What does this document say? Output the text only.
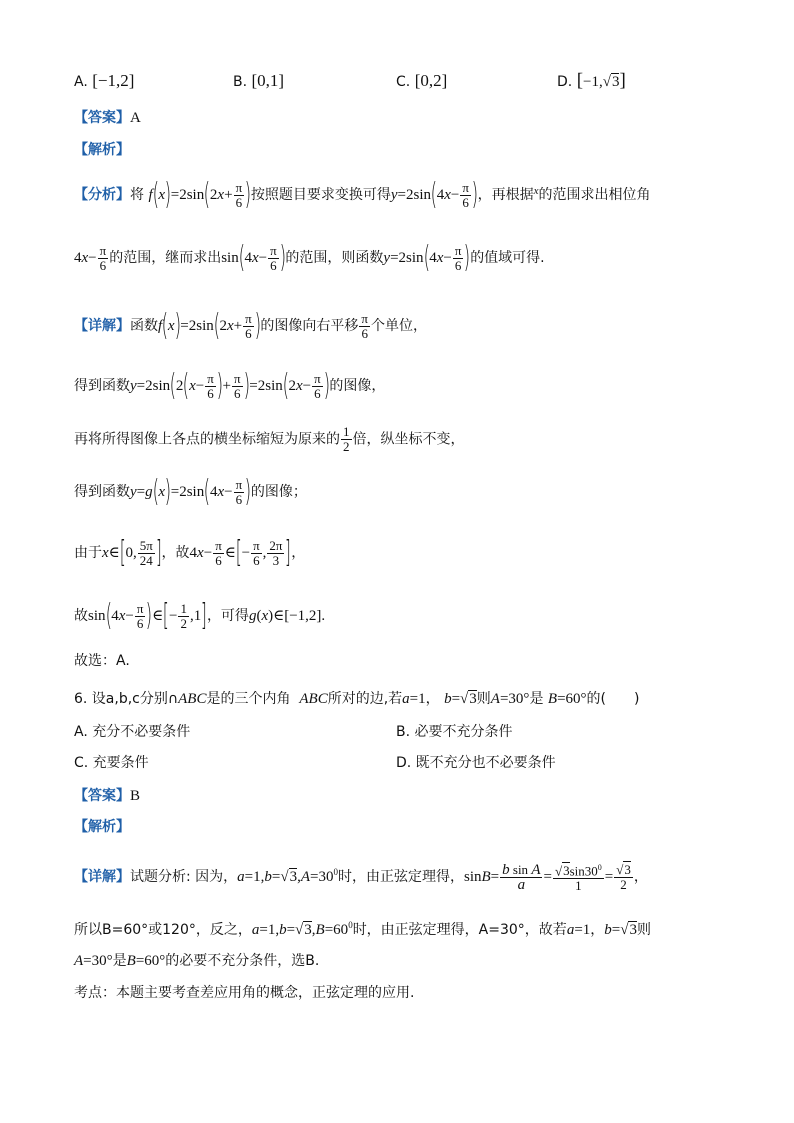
A. [−1,2]	B. [0,1]	C. [0,2]	D. [−1,√3]
【答案】A
【解析】
【分析】将 $f(x)=2\sin(2x+ \frac{\pi}{6}$ )按照题目要求变换可得$y=2\sin(4x- \frac{\pi}{6}$ )，再根据$^x$的范围求出相位角
$4x- \frac{\pi}{6}$ 的范围，继而求出$\sin(4x- \frac{\pi}{6}$ )的范围，则函数$y=2\sin(4x- \frac{\pi}{6}$ )的值域可得.
【详解】函数$f(x)=2\sin(2x+ \frac{\pi}{6}$ )的图像向右平移 $\frac{\pi}{6}$ 个单位，
得到函数$y=2\sin(2(x- \frac{\pi}{6}$ )+ $\frac{\pi}{6} )=2\sin(2x- \frac{\pi}{6}$ )的图像，
再将所得图像上各点的横坐标缩短为原来的 $\frac{1}{2}$ 倍，纵坐标不变，
得到函数$y=g(x)=2\sin(4x- \frac{\pi}{6}$ )的图像；
由于x∈[0, $\frac{5\pi}{24}$ ]，故$4x- \frac{\pi}{6}$ ∈[− $\frac{\pi}{6}$ , $\frac{2\pi}{3}$ ]，
故$\sin(4x- \frac{\pi}{6}$ )∈[− $\frac{1}{2} ,1$]，可得g(x)∈[−1,2].
故选：A.
6. 设a,b,c分别∩ABC是的三个内角 ABC所对的边,若a=1， b=√3则A=30°是 B=60°的(　　)
A. 充分不必要条件	B. 必要不充分条件
C. 充要条件	D. 既不充分也不必要条件
【答案】B
【解析】
【详解】试题分析: 因为，$a=1,b=√3,A=30^0$时，由正弦定理得，$\sin B= \frac{\text{b sin A}}{a} = \frac{√3\sin 30^0}{1} = \frac{√3}{2}$ ，
所以B=60°或120°，反之，$a=1,b=√3,B=60^0$时，由正弦定理得，A=30°，故若a=1，b=√3则
A=30°是B=60°的必要不充分条件，选B.
考点：本题主要考查差应用角的概念，正弦定理的应用.
